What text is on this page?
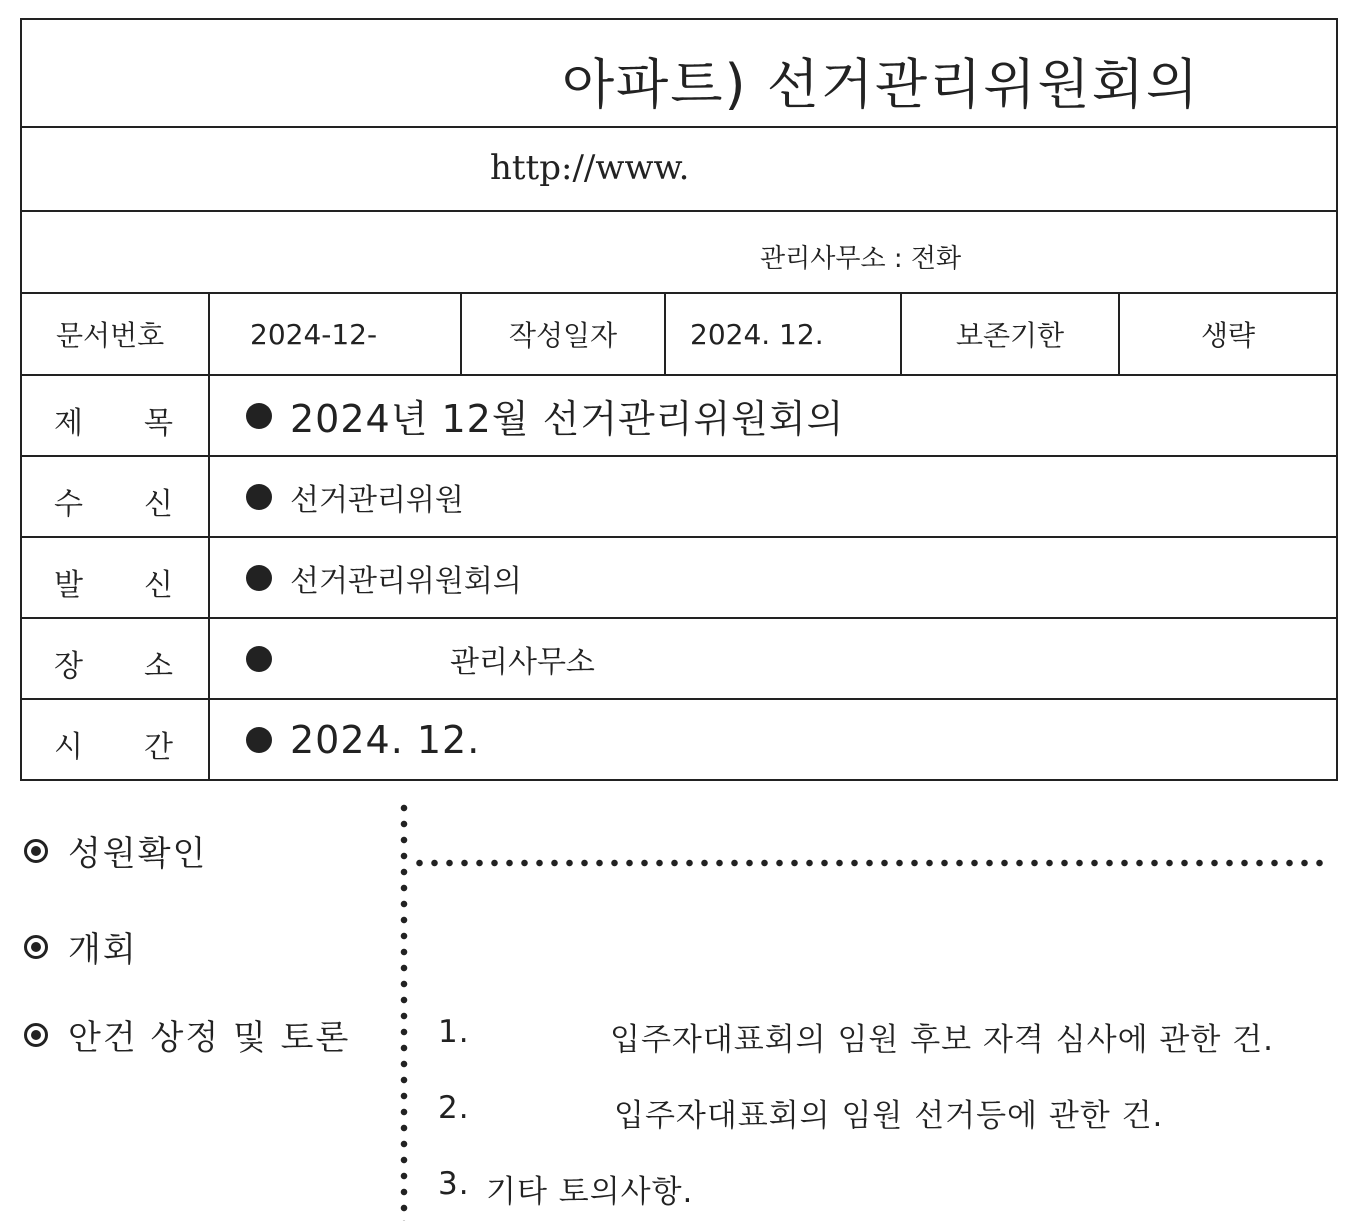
아파트) 선거관리위원회의
http://www.
관리사무소 : 전화
문서번호	2024-12-	작성일자	2024. 12.	보존기한	생략
제 목	2024년 12월 선거관리위원회의
수 신	선거관리위원
발 신	선거관리위원회의
장 소	관리사무소
시 간	2024. 12.
성원확인
개회
안건 상정 및 토론	1.	입주자대표회의 임원 후보 자격 심사에 관한 건.
2.	입주자대표회의 임원 선거등에 관한 건.
3. 기타 토의사항.
